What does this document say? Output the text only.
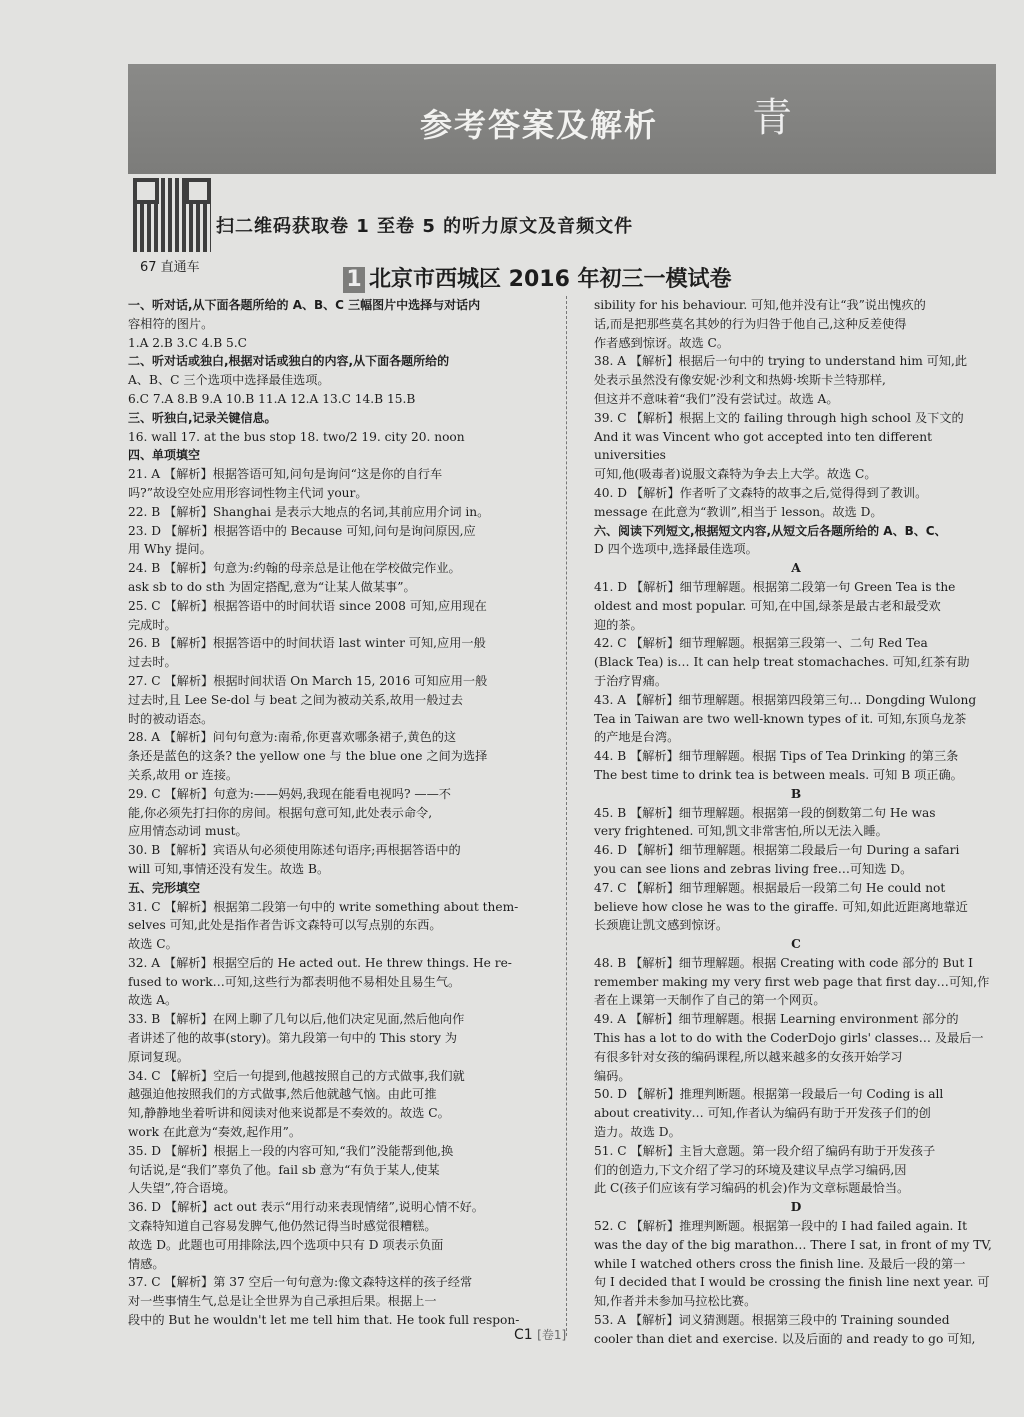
参考答案及解析 青
67 直通车
扫二维码获取卷 1 至卷 5 的听力原文及音频文件
1 北京市西城区 2016 年初三一模试卷

一、听对话,从下面各题所给的 A、B、C 三幅图片中选择与对话内

容相符的图片。

1.A 2.B 3.C 4.B 5.C

二、听对话或独白,根据对话或独白的内容,从下面各题所给的

A、B、C 三个选项中选择最佳选项。

6.C 7.A 8.B 9.A 10.B 11.A 12.A 13.C 14.B 15.B

三、听独白,记录关键信息。

16. wall 17. at the bus stop 18. two/2 19. city 20. noon

四、单项填空

21. A 【解析】根据答语可知,问句是询问“这是你的自行车

吗?”故设空处应用形容词性物主代词 your。

22. B 【解析】Shanghai 是表示大地点的名词,其前应用介词 in。

23. D 【解析】根据答语中的 Because 可知,问句是询问原因,应

用 Why 提问。

24. B 【解析】句意为:约翰的母亲总是让他在学校做完作业。

ask sb to do sth 为固定搭配,意为“让某人做某事”。

25. C 【解析】根据答语中的时间状语 since 2008 可知,应用现在

完成时。

26. B 【解析】根据答语中的时间状语 last winter 可知,应用一般

过去时。

27. C 【解析】根据时间状语 On March 15, 2016 可知应用一般

过去时,且 Lee Se-dol 与 beat 之间为被动关系,故用一般过去

时的被动语态。

28. A 【解析】问句句意为:南希,你更喜欢哪条裙子,黄色的这

条还是蓝色的这条? the yellow one 与 the blue one 之间为选择

关系,故用 or 连接。

29. C 【解析】句意为:——妈妈,我现在能看电视吗? ——不

能,你必须先打扫你的房间。根据句意可知,此处表示命令,

应用情态动词 must。

30. B 【解析】宾语从句必须使用陈述句语序;再根据答语中的

will 可知,事情还没有发生。故选 B。

五、完形填空

31. C 【解析】根据第二段第一句中的 write something about them-

selves 可知,此处是指作者告诉文森特可以写点别的东西。

故选 C。

32. A 【解析】根据空后的 He acted out. He threw things. He re-

fused to work…可知,这些行为都表明他不易相处且易生气。

故选 A。

33. B 【解析】在网上聊了几句以后,他们决定见面,然后他向作

者讲述了他的故事(story)。第九段第一句中的 This story 为

原词复现。

34. C 【解析】空后一句提到,他越按照自己的方式做事,我们就

越强迫他按照我们的方式做事,然后他就越气恼。由此可推

知,静静地坐着听讲和阅读对他来说都是不奏效的。故选 C。

work 在此意为“奏效,起作用”。

35. D 【解析】根据上一段的内容可知,“我们”没能帮到他,换

句话说,是“我们”辜负了他。fail sb 意为“有负于某人,使某

人失望”,符合语境。

36. D 【解析】act out 表示“用行动来表现情绪”,说明心情不好。

文森特知道自己容易发脾气,他仍然记得当时感觉很糟糕。

故选 D。此题也可用排除法,四个选项中只有 D 项表示负面

情感。

37. C 【解析】第 37 空后一句句意为:像文森特这样的孩子经常

对一些事情生气,总是让全世界为自己承担后果。根据上一

段中的 But he wouldn't let me tell him that. He took full respon-

sibility for his behaviour. 可知,他并没有让“我”说出愧疚的

话,而是把那些莫名其妙的行为归咎于他自己,这种反差使得

作者感到惊讶。故选 C。

38. A 【解析】根据后一句中的 trying to understand him 可知,此

处表示虽然没有像安妮·沙利文和热姆·埃斯卡兰特那样,

但这并不意味着“我们”没有尝试过。故选 A。

39. C 【解析】根据上文的 failing through high school 及下文的

And it was Vincent who got accepted into ten different universities

可知,他(吸毒者)说服文森特为争去上大学。故选 C。

40. D 【解析】作者听了文森特的故事之后,觉得得到了教训。

message 在此意为“教训”,相当于 lesson。故选 D。

六、阅读下列短文,根据短文内容,从短文后各题所给的 A、B、C、

D 四个选项中,选择最佳选项。

A

41. D 【解析】细节理解题。根据第二段第一句 Green Tea is the

oldest and most popular. 可知,在中国,绿茶是最古老和最受欢

迎的茶。

42. C 【解析】细节理解题。根据第三段第一、二句 Red Tea

(Black Tea) is… It can help treat stomachaches. 可知,红茶有助

于治疗胃痛。

43. A 【解析】细节理解题。根据第四段第三句… Dongding Wulong

Tea in Taiwan are two well-known types of it. 可知,东顶乌龙茶

的产地是台湾。

44. B 【解析】细节理解题。根据 Tips of Tea Drinking 的第三条

The best time to drink tea is between meals. 可知 B 项正确。

B

45. B 【解析】细节理解题。根据第一段的倒数第二句 He was

very frightened. 可知,凯文非常害怕,所以无法入睡。

46. D 【解析】细节理解题。根据第二段最后一句 During a safari

you can see lions and zebras living free…可知选 D。

47. C 【解析】细节理解题。根据最后一段第二句 He could not

believe how close he was to the giraffe. 可知,如此近距离地靠近

长颈鹿让凯文感到惊讶。

C

48. B 【解析】细节理解题。根据 Creating with code 部分的 But I

remember making my very first web page that first day…可知,作

者在上课第一天制作了自己的第一个网页。

49. A 【解析】细节理解题。根据 Learning environment 部分的

This has a lot to do with the CoderDojo girls' classes… 及最后一

有很多针对女孩的编码课程,所以越来越多的女孩开始学习

编码。

50. D 【解析】推理判断题。根据第一段最后一句 Coding is all

about creativity… 可知,作者认为编码有助于开发孩子们的创

造力。故选 D。

51. C 【解析】主旨大意题。第一段介绍了编码有助于开发孩子

们的创造力,下文介绍了学习的环境及建议早点学习编码,因

此 C(孩子们应该有学习编码的机会)作为文章标题最恰当。

D

52. C 【解析】推理判断题。根据第一段中的 I had failed again. It

was the day of the big marathon… There I sat, in front of my TV,

while I watched others cross the finish line. 及最后一段的第一

句 I decided that I would be crossing the finish line next year. 可

知,作者并未参加马拉松比赛。

53. A 【解析】词义猜测题。根据第三段中的 Training sounded

cooler than diet and exercise. 以及后面的 and ready to go 可知,

C1 [卷1]
